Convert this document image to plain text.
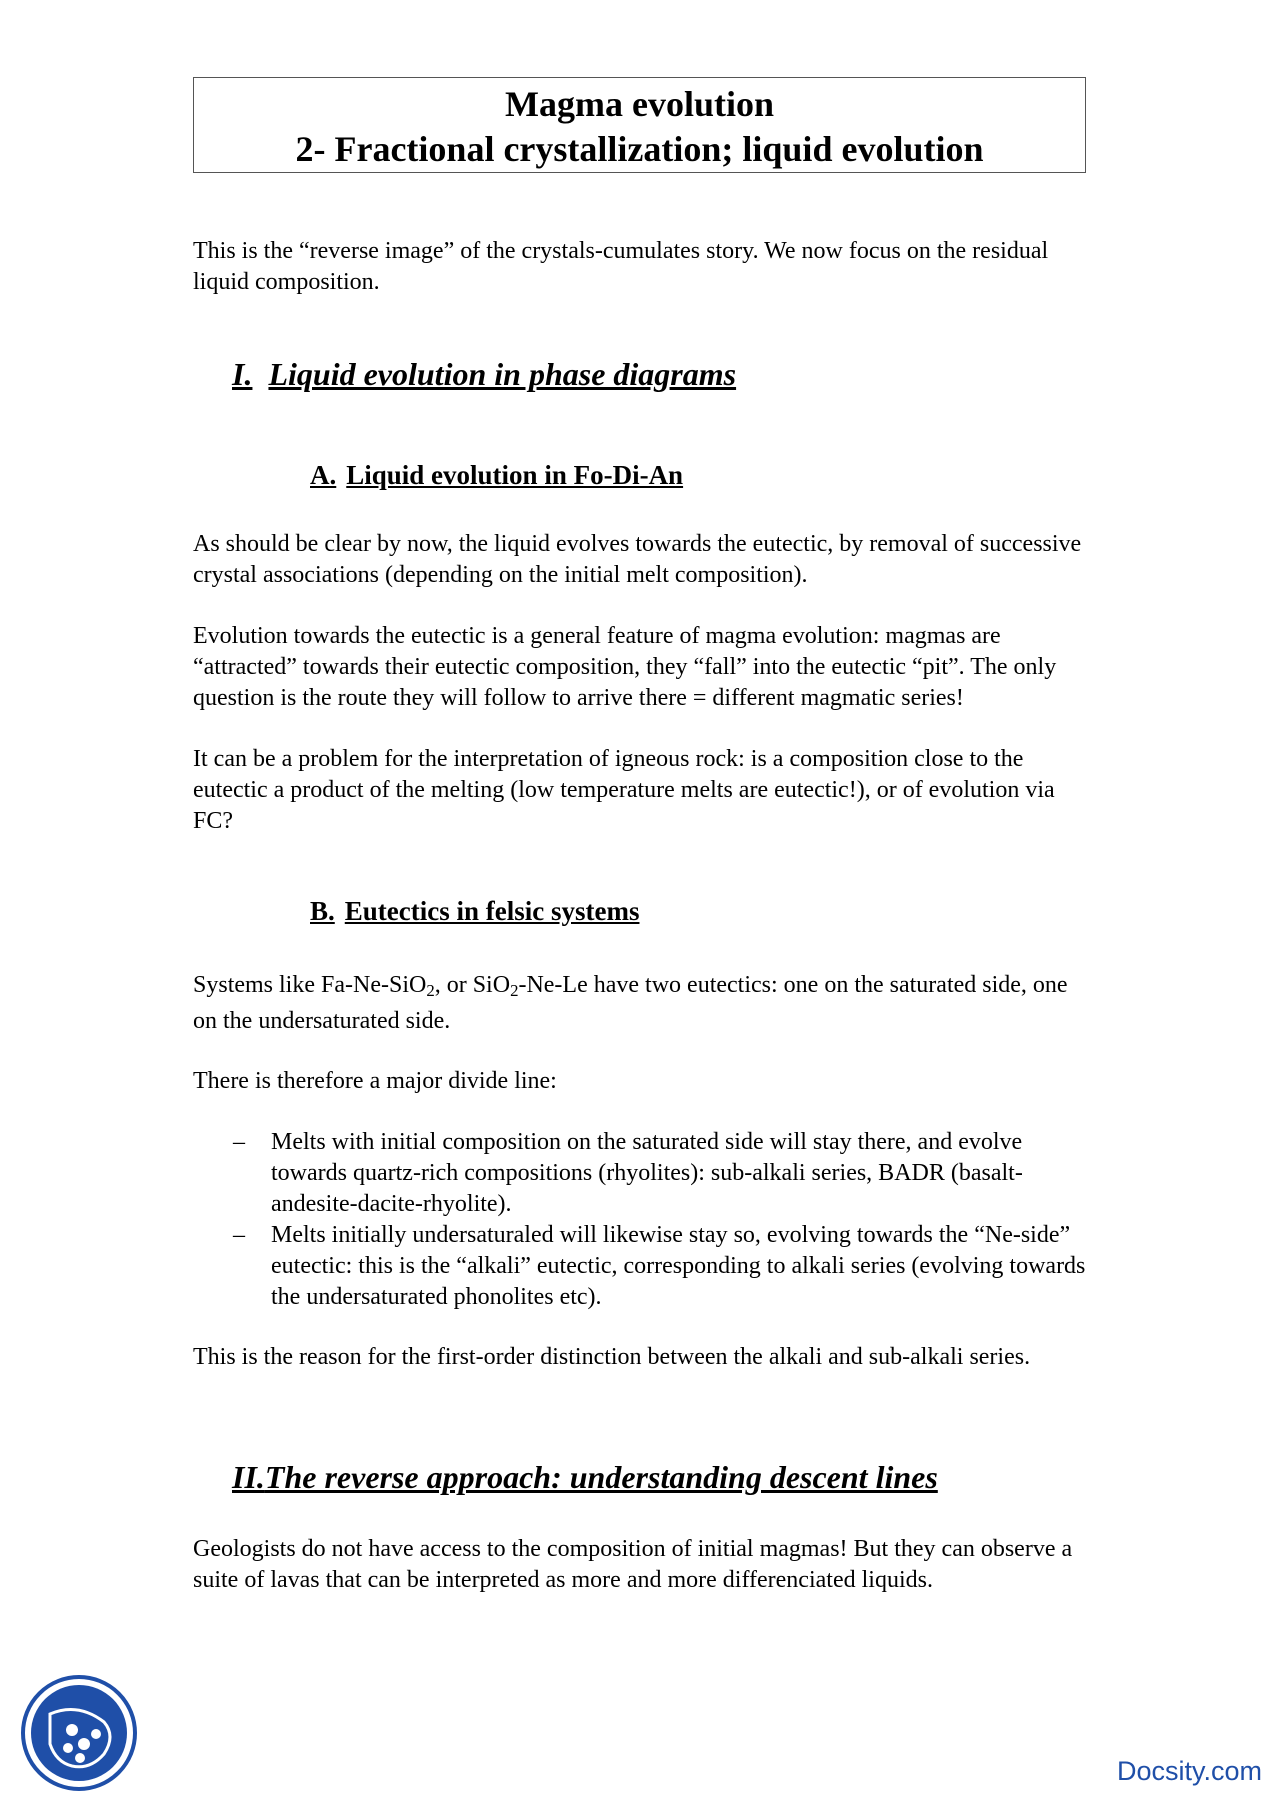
Magma evolution
2- Fractional crystallization; liquid evolution

This is the “reverse image” of the crystals-cumulates story. We now focus on the residual liquid composition.

I. Liquid evolution in phase diagrams
A. Liquid evolution in Fo-Di-An

As should be clear by now, the liquid evolves towards the eutectic, by removal of successive crystal associations (depending on the initial melt composition).

Evolution towards the eutectic is a general feature of magma evolution: magmas are “attracted” towards their eutectic composition, they “fall” into the eutectic “pit”. The only question is the route they will follow to arrive there = different magmatic series!

It can be a problem for the interpretation of igneous rock: is a composition close to the eutectic a product of the melting (low temperature melts are eutectic!), or of evolution via FC?

B. Eutectics in felsic systems

Systems like Fa-Ne-SiO$_2$, or SiO$_2$-Ne-Le have two eutectics: one on the saturated side, one on the undersaturated side.

There is therefore a major divide line:

– Melts with initial composition on the saturated side will stay there, and evolve towards quartz-rich compositions (rhyolites): sub-alkali series, BADR (basalt-andesite-dacite-rhyolite).
– Melts initially undersaturaled will likewise stay so, evolving towards the “Ne-side” eutectic: this is the “alkali” eutectic, corresponding to alkali series (evolving towards the undersaturated phonolites etc).

This is the reason for the first-order distinction between the alkali and sub-alkali series.

II.The reverse approach: understanding descent lines

Geologists do not have access to the composition of initial magmas! But they can observe a suite of lavas that can be interpreted as more and more differenciated liquids.

Docsity.com
